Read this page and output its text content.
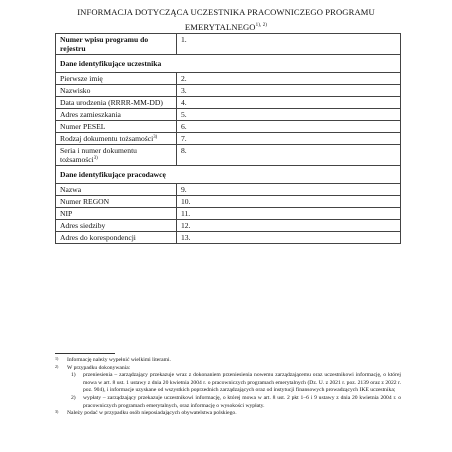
INFORMACJA DOTYCZĄCA UCZESTNIKA PRACOWNICZEGO PROGRAMU
$EMERYTALNEGO^{1), 2)}$
Numer wpisu programu do rejestru	1.
Dane identyfikujące uczestnika	
Pierwsze imię	2.
Nazwisko	3.
Data urodzenia (RRRR-MM-DD)	4.
Adres zamieszkania	5.
Numer PESEL	6.
Rodzaj dokumentu tożsamości$^{3)}$	7.
Seria i numer dokumentu tożsamości$^{3)}$	8.
Dane identyfikujące pracodawcę	
Nazwa	9.
Numer REGON	10.
NIP	11.
Adres siedziby	12.
Adres do korespondencji	13.
1) Informację należy wypełnić wielkimi literami.
2) W przypadku dokonywania:
1) przeniesienia – zarządzający przekazuje wraz z dokonaniem przeniesienia nowemu zarządzającemu oraz uczestnikowi informację, o której mowa w art. 8 ust. 1 ustawy z dnia 20 kwietnia 2004 r. o pracowniczych programach emerytalnych (Dz. U. z 2021 r. poz. 2139 oraz z 2022 r. poz. 904), i informacje uzyskane od wszystkich poprzednich zarządzających oraz od instytucji finansowych prowadzących IKE uczestnika;
2) wypłaty – zarządzający przekazuje uczestnikowi informację, o której mowa w art. 8 ust. 2 pkt 1–6 i 9 ustawy z dnia 20 kwietnia 2004 r. o pracowniczych programach emerytalnych, oraz informację o wysokości wypłaty.
3) Należy podać w przypadku osób nieposiadających obywatelstwa polskiego.
